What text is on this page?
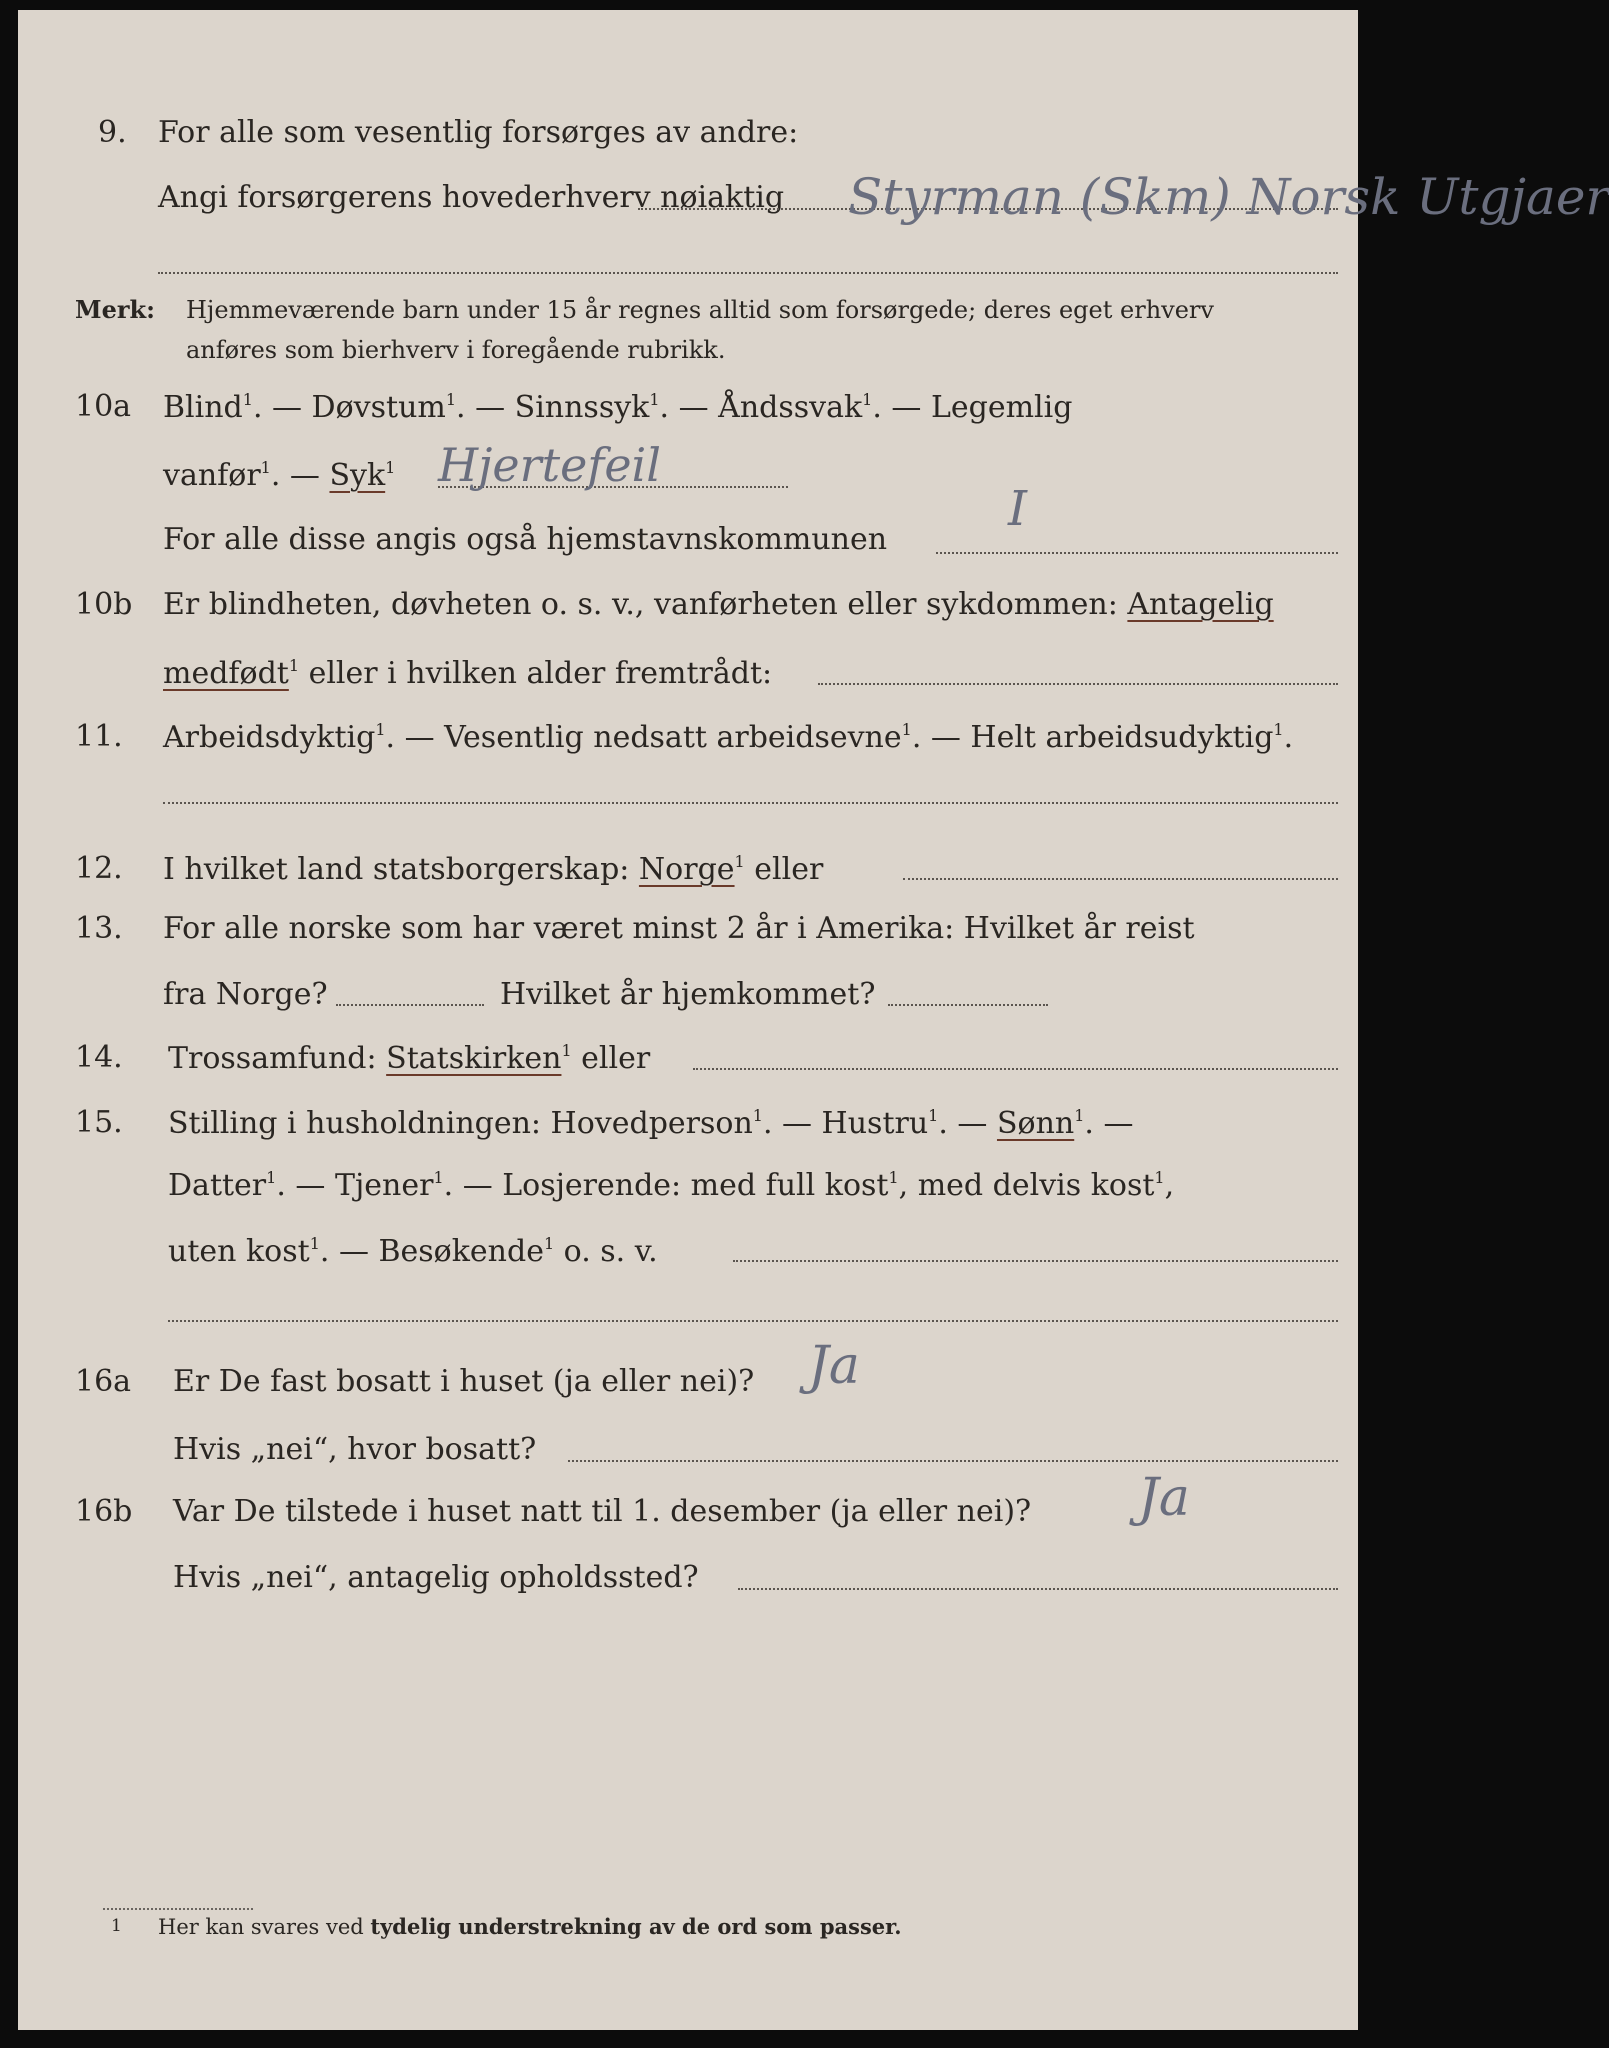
9. For alle som vesentlig forsørges av andre:
Angi forsørgerens hovederhverv nøiaktig Styrman (Skm) Norsk Utgjaer
Merk: Hjemmeværende barn under 15 år regnes alltid som forsørgede; deres eget erhverv
anføres som bierhverv i foregående rubrikk.
10a Blind$^1$. — Døvstum$^1$. — Sinnssyk$^1$. — Åndssvak$^1$. — Legemlig
vanfør$^1$. — Syk$^1$ Hjertefeil
For alle disse angis også hjemstavnskommunen
I
10b Er blindheten, døvheten o. s. v., vanførheten eller sykdommen: Antagelig
medfødt$^1$ eller i hvilken alder fremtrådt:
11. Arbeidsdyktig$^1$. — Vesentlig nedsatt arbeidsevne$^1$. — Helt arbeidsudyktig$^1$.
12. I hvilket land statsborgerskap: Norge$^1$ eller
13. For alle norske som har været minst 2 år i Amerika: Hvilket år reist
fra Norge?	Hvilket år hjemkommet?
14. Trossamfund: Statskirken$^1$ eller
15. Stilling i husholdningen: Hovedperson$^1$. — Hustru$^1$. — Sønn$^1$. —
Datter$^1$. — Tjener$^1$. — Losjerende: med full kost$^1$, med delvis kost$^1$,
uten kost$^1$. — Besøkende$^1$ o. s. v.
16a Er De fast bosatt i huset (ja eller nei)? Ja
Hvis „nei“, hvor bosatt?
16b Var De tilstede i huset natt til 1. desember (ja eller nei)? Ja
Hvis „nei“, antagelig opholdssted?
1 Her kan svares ved tydelig understrekning av de ord som passer.
